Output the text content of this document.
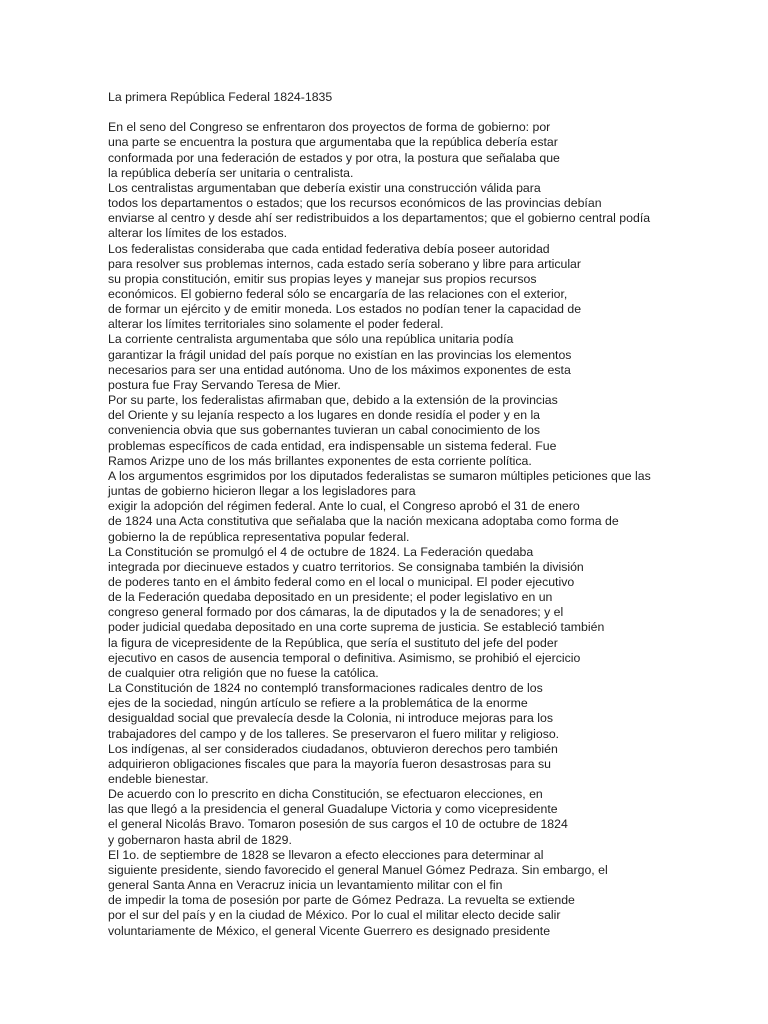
La primera República Federal 1824-1835
En el seno del Congreso se enfrentaron dos proyectos de forma de gobierno: por
una parte se encuentra la postura que argumentaba que la república debería estar
conformada por una federación de estados y por otra, la postura que señalaba que
la república debería ser unitaria o centralista.
Los centralistas argumentaban que debería existir una construcción válida para
todos los departamentos o estados; que los recursos económicos de las provincias debían
enviarse al centro y desde ahí ser redistribuidos a los departamentos; que el gobierno central podía
alterar los límites de los estados.
Los federalistas consideraba que cada entidad federativa debía poseer autoridad
para resolver sus problemas internos, cada estado sería soberano y libre para articular
su propia constitución, emitir sus propias leyes y manejar sus propios recursos
económicos. El gobierno federal sólo se encargaría de las relaciones con el exterior,
de formar un ejército y de emitir moneda. Los estados no podían tener la capacidad de
alterar los límites territoriales sino solamente el poder federal.
La corriente centralista argumentaba que sólo una república unitaria podía
garantizar la frágil unidad del país porque no existían en las provincias los elementos
necesarios para ser una entidad autónoma. Uno de los máximos exponentes de esta
postura fue Fray Servando Teresa de Mier.
Por su parte, los federalistas afirmaban que, debido a la extensión de la provincias
del Oriente y su lejanía respecto a los lugares en donde residía el poder y en la
conveniencia obvia que sus gobernantes tuvieran un cabal conocimiento de los
problemas específicos de cada entidad, era indispensable un sistema federal. Fue
Ramos Arizpe uno de los más brillantes exponentes de esta corriente política.
A los argumentos esgrimidos por los diputados federalistas se sumaron múltiples peticiones que las
juntas de gobierno hicieron llegar a los legisladores para
exigir la adopción del régimen federal. Ante lo cual, el Congreso aprobó el 31 de enero
de 1824 una Acta constitutiva que señalaba que la nación mexicana adoptaba como forma de
gobierno la de república representativa popular federal.
La Constitución se promulgó el 4 de octubre de 1824. La Federación quedaba
integrada por diecinueve estados y cuatro territorios. Se consignaba también la división
de poderes tanto en el ámbito federal como en el local o municipal. El poder ejecutivo
de la Federación quedaba depositado en un presidente; el poder legislativo en un
congreso general formado por dos cámaras, la de diputados y la de senadores; y el
poder judicial quedaba depositado en una corte suprema de justicia. Se estableció también
la figura de vicepresidente de la República, que sería el sustituto del jefe del poder
ejecutivo en casos de ausencia temporal o definitiva. Asimismo, se prohibió el ejercicio
de cualquier otra religión que no fuese la católica.
La Constitución de 1824 no contempló transformaciones radicales dentro de los
ejes de la sociedad, ningún artículo se refiere a la problemática de la enorme
desigualdad social que prevalecía desde la Colonia, ni introduce mejoras para los
trabajadores del campo y de los talleres. Se preservaron el fuero militar y religioso.
Los indígenas, al ser considerados ciudadanos, obtuvieron derechos pero también
adquirieron obligaciones fiscales que para la mayoría fueron desastrosas para su
endeble bienestar.
De acuerdo con lo prescrito en dicha Constitución, se efectuaron elecciones, en
las que llegó a la presidencia el general Guadalupe Victoria y como vicepresidente
el general Nicolás Bravo. Tomaron posesión de sus cargos el 10 de octubre de 1824
y gobernaron hasta abril de 1829.
El 1o. de septiembre de 1828 se llevaron a efecto elecciones para determinar al
siguiente presidente, siendo favorecido el general Manuel Gómez Pedraza. Sin embargo, el
general Santa Anna en Veracruz inicia un levantamiento militar con el fin
de impedir la toma de posesión por parte de Gómez Pedraza. La revuelta se extiende
por el sur del país y en la ciudad de México. Por lo cual el militar electo decide salir
voluntariamente de México, el general Vicente Guerrero es designado presidente
